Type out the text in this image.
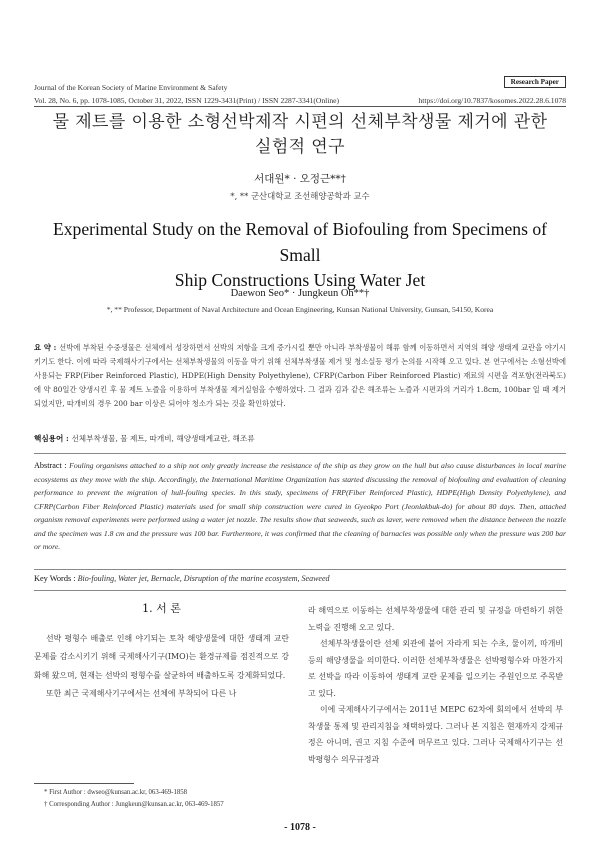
Journal of the Korean Society of Marine Environment & Safety
Research Paper
Vol. 28, No. 6, pp. 1078-1085, October 31, 2022, ISSN 1229-3431(Print) / ISSN 2287-3341(Online)	https://doi.org/10.7837/kosomes.2022.28.6.1078
물 제트를 이용한 소형선박제작 시편의 선체부착생물 제거에 관한
실험적 연구
서대원* · 오정근**†
*, ** 군산대학교 조선해양공학과 교수
Experimental Study on the Removal of Biofouling from Specimens of Small
Ship Constructions Using Water Jet
Daewon Seo* · Jungkeun Oh**†
*, ** Professor, Department of Naval Architecture and Ocean Engineering, Kunsan National University, Gunsan, 54150, Korea
요 약 : 선박에 부착된 수중생물은 선체에서 성장하면서 선박의 저항을 크게 증가시킬 뿐만 아니라 부착생물이 해류 함께 이동하면서 지역의 해양 생태계 교란을 야기시키기도 한다. 이에 따라 국제해사기구에서는 선체부착생물의 이동을 막기 위해 선체부착생물 제거 및 청소실등 평가 논의를 시작해 오고 있다. 본 연구에서는 소형선박에 사용되는 FRP(Fiber Reinforced Plastic), HDPE(High Density Polyethylene), CFRP(Carbon Fiber Reinforced Plastic) 재료의 시편을 격포항(전라북도)에 약 80일간 양생시킨 후 물 제트 노즐을 이용하여 부착생물 제거실험을 수행하였다. 그 결과 김과 같은 해조류는 노즐과 시편과의 거리가 1.8cm, 100bar 일 때 제거되었지만, 따개비의 경우 200 bar 이상은 되어야 청소가 되는 것을 확인하였다.
핵심용어 : 선체부착생물, 물 제트, 따개비, 해양생태계교란, 해조류
Abstract : Fouling organisms attached to a ship not only greatly increase the resistance of the ship as they grow on the hull but also cause disturbances in local marine ecosystems as they move with the ship. Accordingly, the International Maritime Organization has started discussing the removal of biofouling and evaluation of cleaning performance to prevent the migration of hull-fouling species. In this study, specimens of FRP(Fiber Reinforced Plastic), HDPE(High Density Polyethylene), and CFRP(Carbon Fiber Reinforced Plastic) materials used for small ship construction were cured in Gyeokpo Port (Jeonlakbuk-do) for about 80 days. Then, attached organism removal experiments were performed using a water jet nozzle. The results show that seaweeds, such as laver, were removed when the distance between the nozzle and the specimen was 1.8 cm and the pressure was 100 bar. Furthermore, it was confirmed that the cleaning of barnacles was possible only when the pressure was 200 bar or more.
Key Words : Bio-fouling, Water jet, Bernacle, Disruption of the marine ecosystem, Seaweed
1. 서 론

선박 평형수 배출로 인해 야기되는 토착 해양생물에 대한 생태계 교란 문제를 감소시키기 위해 국제해사기구(IMO)는 환경규제를 점진적으로 강화해 왔으며, 현재는 선박의 평형수를 살균하여 배출하도록 강제화되었다.

또한 최근 국제해사기구에서는 선체에 부착되어 다른 나

라 해역으로 이동하는 선체부착생물에 대한 관리 및 규정을 마련하기 위한 노력을 진행해 오고 있다.

선체부착생물이란 선체 외관에 붙어 자라게 되는 수초, 물이끼, 따개비등의 해양생물을 의미한다. 이러한 선체부착생물은 선박평형수와 마찬가지로 선박을 따라 이동하여 생태계 교란 문제를 일으키는 주원인으로 주목받고 있다.

이에 국제해사기구에서는 2011년 MEPC 62차에 회의에서 선박의 부착생물 통제 및 관리지침을 채택하였다. 그러나 본 지침은 현재까지 강제규정은 아니며, 권고 지침 수준에 머무르고 있다. 그러나 국제해사기구는 선박평형수 의무규정과

* First Author : dwseo@kunsan.ac.kr, 063-469-1858
† Corresponding Author : Jungkeun@kunsan.ac.kr, 063-469-1857
- 1078 -
